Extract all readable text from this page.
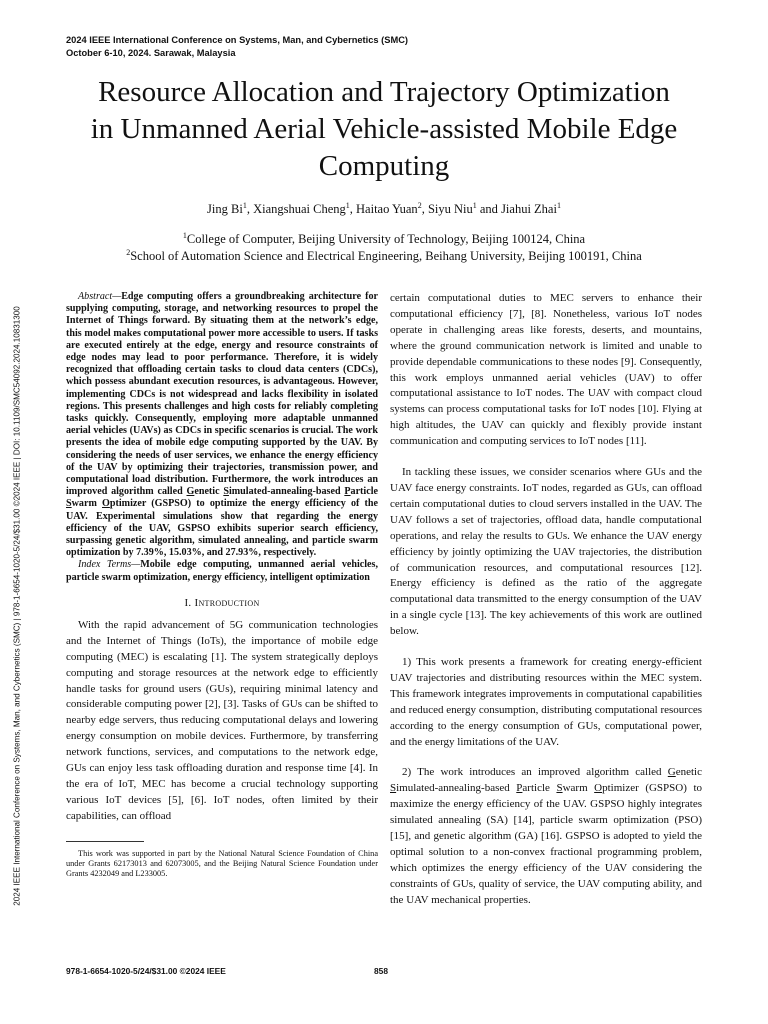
2024 IEEE International Conference on Systems, Man, and Cybernetics (SMC)
October 6-10, 2024. Sarawak, Malaysia
Resource Allocation and Trajectory Optimization
in Unmanned Aerial Vehicle-assisted Mobile Edge
Computing
Jing Bi$^1$, Xiangshuai Cheng$^1$, Haitao Yuan$^2$, Siyu Niu$^1$ and Jiahui Zhai$^1$
$^1$College of Computer, Beijing University of Technology, Beijing 100124, China
$^2$School of Automation Science and Electrical Engineering, Beihang University, Beijing 100191, China
2024 IEEE International Conference on Systems, Man, and Cybernetics (SMC) | 978-1-6654-1020-5/24/$31.00 ©2024 IEEE | DOI: 10.1109/SMC54092.2024.10831300

Abstract—Edge computing offers a groundbreaking architecture for supplying computing, storage, and networking resources to propel the Internet of Things forward. By situating them at the network’s edge, this model makes computational power more accessible to users. If tasks are executed entirely at the edge, energy and resource constraints of edge nodes may lead to poor performance. Therefore, it is widely recognized that offloading certain tasks to cloud data centers (CDCs), which possess abundant execution resources, is advantageous. However, implementing CDCs is not widespread and lacks flexibility in isolated regions. This presents challenges and high costs for reliably completing tasks quickly. Consequently, employing more adaptable unmanned aerial vehicles (UAVs) as CDCs in specific scenarios is crucial. The work presents the idea of mobile edge computing supported by the UAV. By considering the needs of user services, we enhance the energy efficiency of the UAV by optimizing their trajectories, transmission power, and computational load distribution. Furthermore, the work introduces an improved algorithm called Genetic Simulated-annealing-based Particle Swarm Optimizer (GSPSO) to optimize the energy efficiency of the UAV. Experimental simulations show that regarding the energy efficiency of the UAV, GSPSO exhibits superior search efficiency, surpassing genetic algorithm, simulated annealing, and particle swarm optimization by 7.39%, 15.03%, and 27.93%, respectively.

Index Terms—Mobile edge computing, unmanned aerial vehicles, particle swarm optimization, energy efficiency, intelligent optimization

I. Introduction

With the rapid advancement of 5G communication technologies and the Internet of Things (IoTs), the importance of mobile edge computing (MEC) is escalating [1]. The system strategically deploys computing and storage resources at the network edge to efficiently handle tasks for ground users (GUs), requiring minimal latency and considerable computing power [2], [3]. Tasks of GUs can be shifted to nearby edge servers, thus reducing computational delays and lowering energy consumption on mobile devices. Furthermore, by transferring network functions, services, and computations to the network edge, GUs can enjoy less task offloading duration and response time [4]. In the era of IoT, MEC has become a crucial technology supporting various IoT devices [5], [6]. IoT nodes, often limited by their capabilities, can offload

This work was supported in part by the National Natural Science Foundation of China under Grants 62173013 and 62073005, and the Beijing Natural Science Foundation under Grants 4232049 and L233005.

certain computational duties to MEC servers to enhance their computational efficiency [7], [8]. Nonetheless, various IoT nodes operate in challenging areas like forests, deserts, and mountains, where the ground communication network is limited and unable to provide dependable communications to these nodes [9]. Consequently, this work employs unmanned aerial vehicles (UAV) to offer computational assistance to IoT nodes. The UAV with compact cloud systems can process computational tasks for IoT nodes [10]. Flying at high altitudes, the UAV can quickly and flexibly provide instant communication and computing services to IoT nodes [11].

In tackling these issues, we consider scenarios where GUs and the UAV face energy constraints. IoT nodes, regarded as GUs, can offload certain computational duties to cloud servers installed in the UAV. The UAV follows a set of trajectories, offload data, handle computational operations, and relay the results to GUs. We enhance the UAV energy efficiency by jointly optimizing the UAV trajectories, the distribution of communication resources, and computational resources [12]. Energy efficiency is defined as the ratio of the aggregate computational data transmitted to the energy consumption of the UAV in a single cycle [13]. The key achievements of this work are outlined below.

1) This work presents a framework for creating energy-efficient UAV trajectories and distributing resources within the MEC system. This framework integrates improvements in computational capabilities and reduced energy consumption, distributing computational resources according to the energy consumption of GUs, computational power, and the energy limitations of the UAV.

2) The work introduces an improved algorithm called Genetic Simulated-annealing-based Particle Swarm Optimizer (GSPSO) to maximize the energy efficiency of the UAV. GSPSO highly integrates simulated annealing (SA) [14], particle swarm optimization (PSO) [15], and genetic algorithm (GA) [16]. GSPSO is adopted to yield the optimal solution to a non-convex fractional programming problem, which optimizes the energy efficiency of the UAV considering the constraints of GUs, quality of service, the UAV computing ability, and the UAV mechanical properties.

978-1-6654-1020-5/24/$31.00 ©2024 IEEE	858
